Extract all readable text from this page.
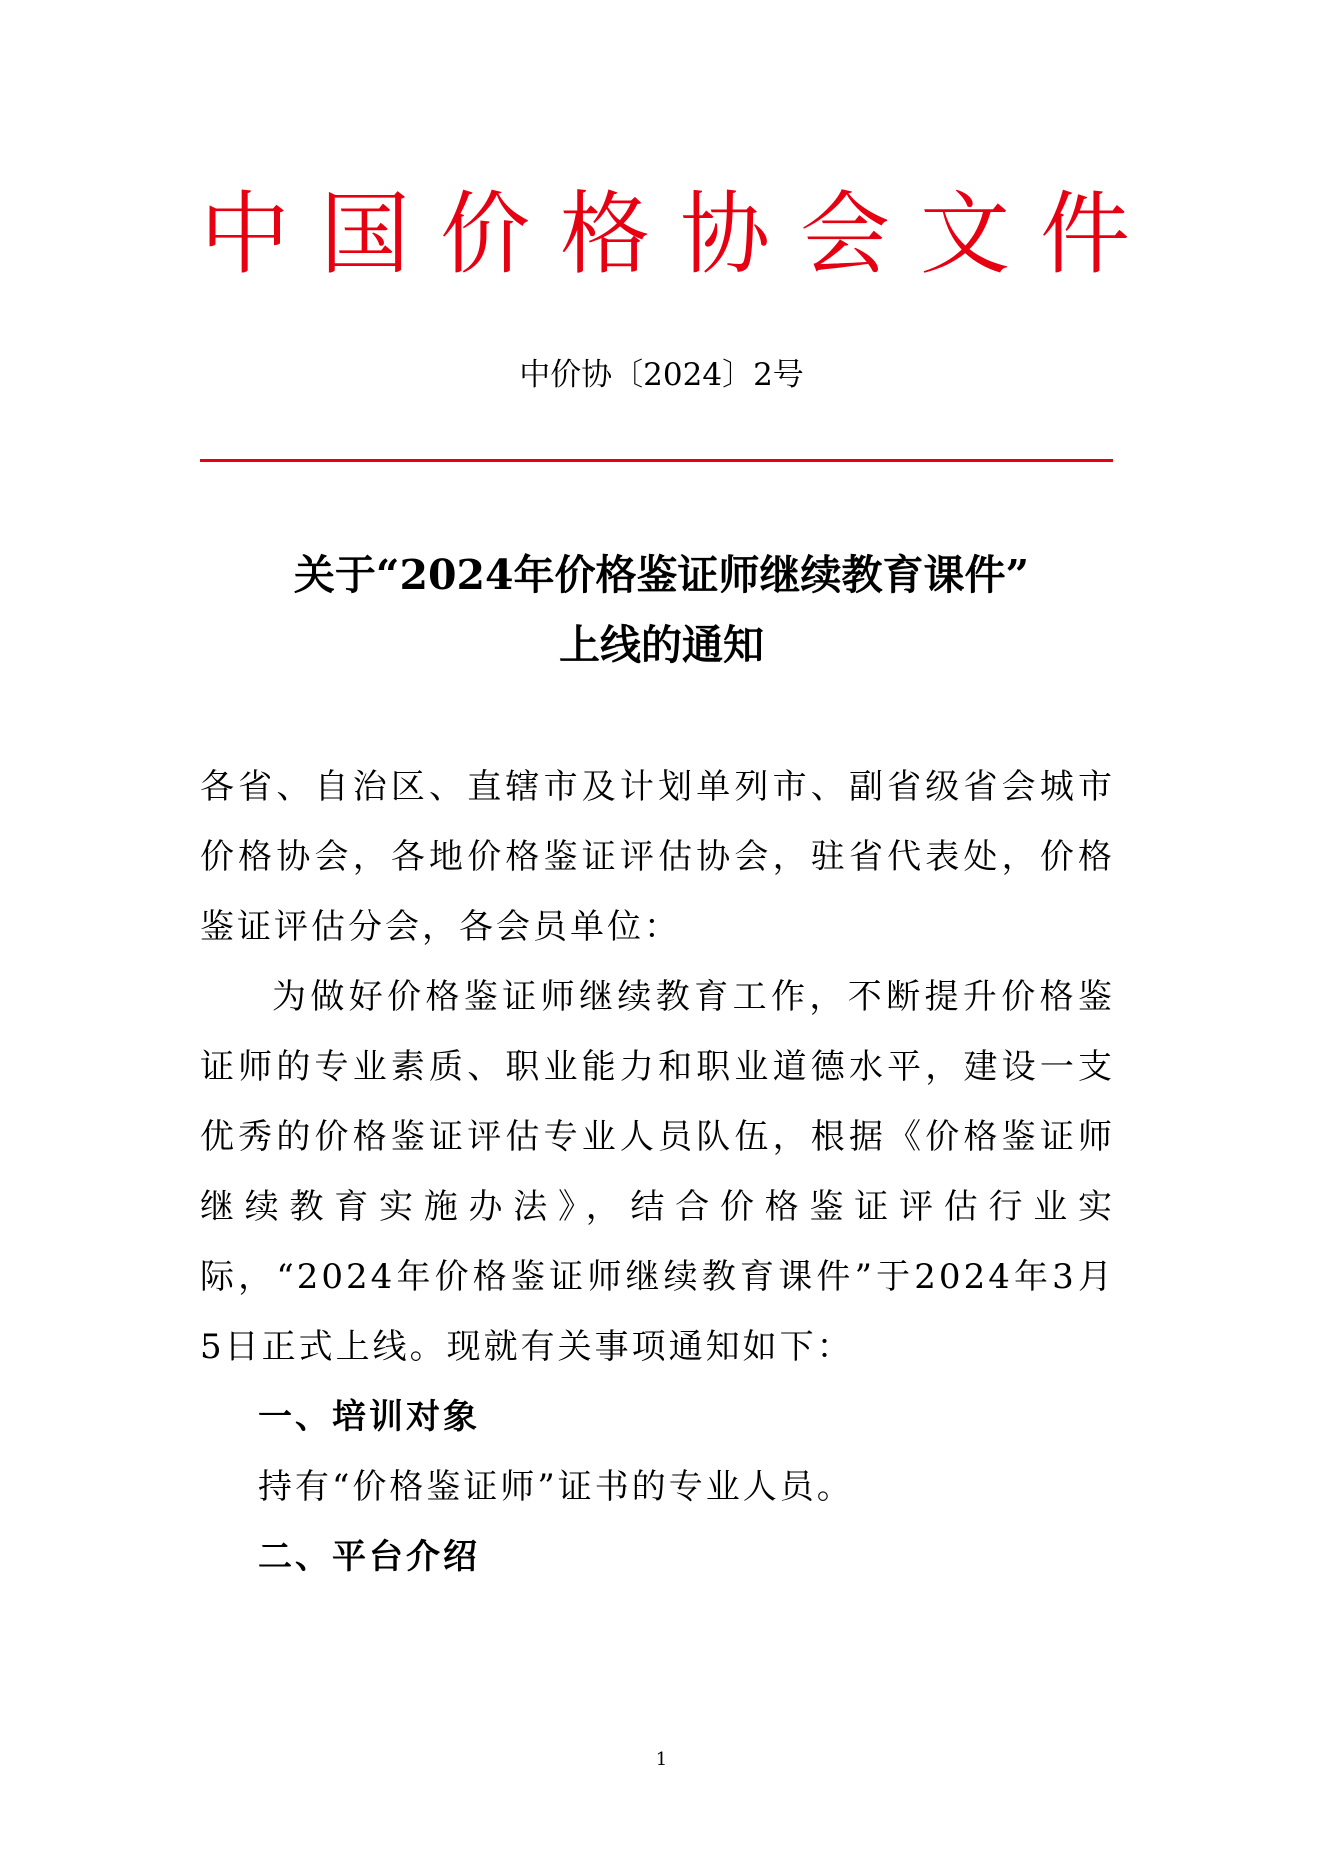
中国价格协会文件
中价协〔2024〕2号
关于“2024年价格鉴证师继续教育课件”
上线的通知

各省、自治区、直辖市及计划单列市、副省级省会城市价格协会，各地价格鉴证评估协会，驻省代表处，价格鉴证评估分会，各会员单位：

为做好价格鉴证师继续教育工作，不断提升价格鉴证师的专业素质、职业能力和职业道德水平，建设一支优秀的价格鉴证评估专业人员队伍，根据《价格鉴证师继续教育实施办法》，结合价格鉴证评估行业实际，“2024年价格鉴证师继续教育课件”于2024年3月5日正式上线。现就有关事项通知如下：

一、培训对象

持有“价格鉴证师”证书的专业人员。

二、平台介绍

1
